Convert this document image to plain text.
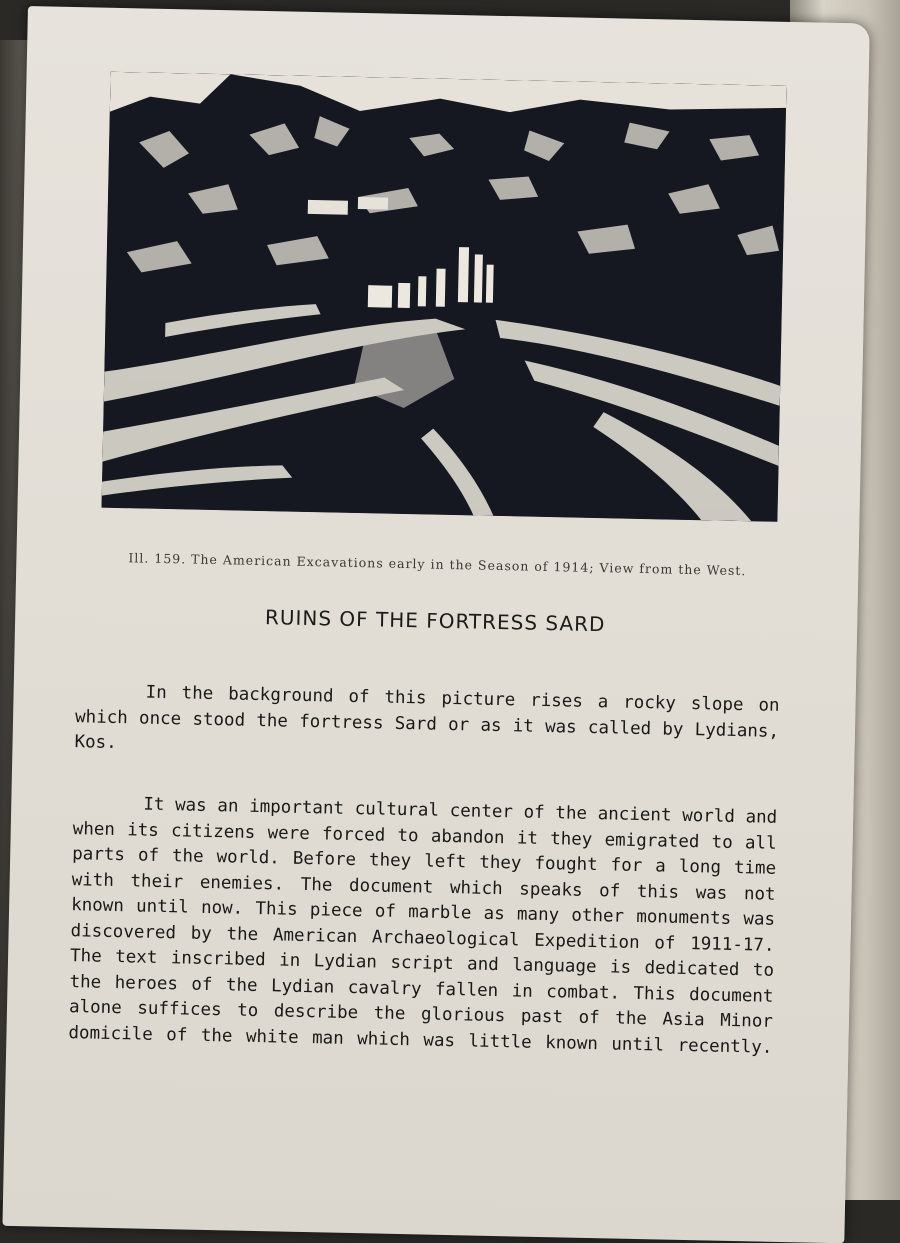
Ill. 159. The American Excavations early in the Season of 1914; View from the West.
RUINS OF THE FORTRESS SARD
In the background of this picture rises a rocky slope on which once stood the fortress Sard or as it was called by Lydians, Kos.
It was an important cultural center of the ancient world and when its citizens were forced to abandon it they emigrated to all parts of the world. Before they left they fought for a long time with their enemies. The document which speaks of this was not known until now. This piece of marble as many other monuments was discovered by the American Archaeological Expedition of 1911-17. The text inscribed in Lydian script and language is dedicated to the heroes of the Lydian cavalry fallen in combat. This document alone suffices to describe the glorious past of the Asia Minor domicile of the white man which was little known until recently.
